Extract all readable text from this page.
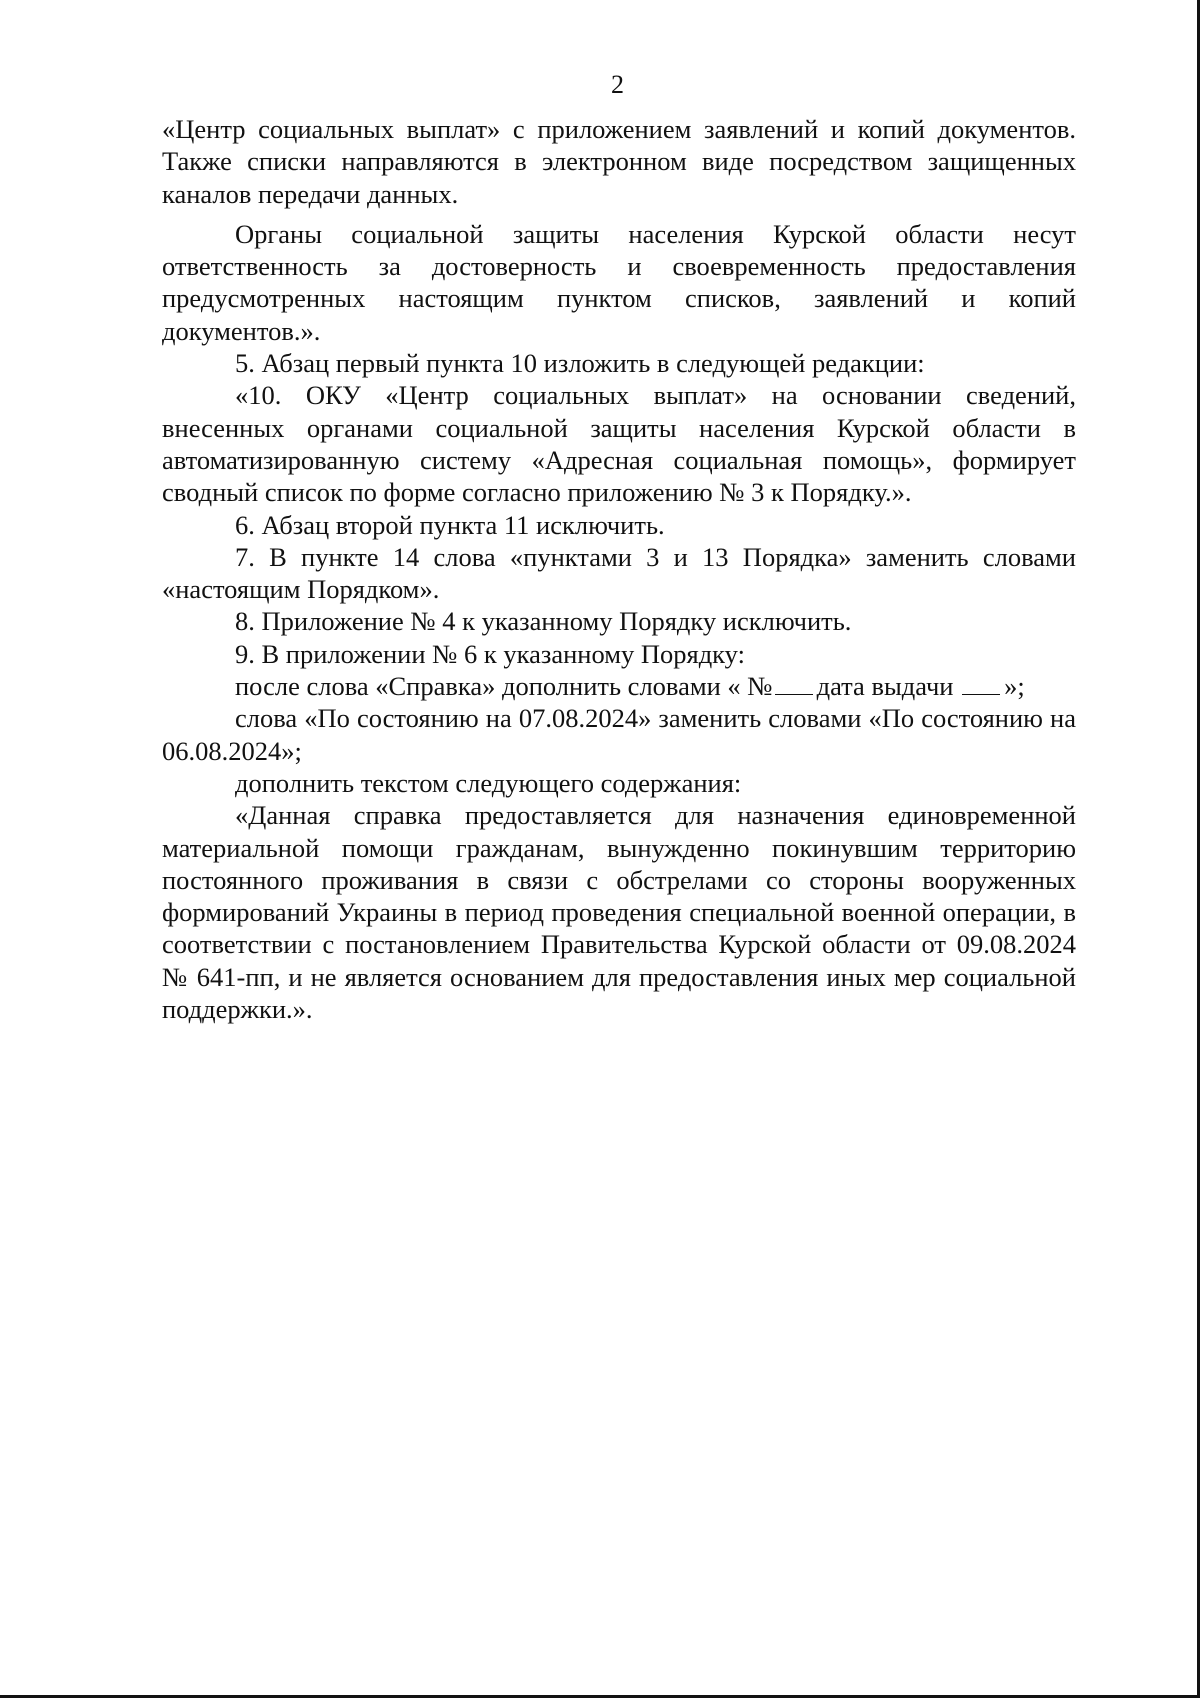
2

«Центр социальных выплат» с приложением заявлений и копий документов. Также списки направляются в электронном виде посредством защищенных каналов передачи данных.

Органы социальной защиты населения Курской области несут ответственность за достоверность и своевременность предоставления предусмотренных настоящим пунктом списков, заявлений и копий документов.».

5. Абзац первый пункта 10 изложить в следующей редакции:

«10. ОКУ «Центр социальных выплат» на основании сведений, внесенных органами социальной защиты населения Курской области в автоматизированную систему «Адресная социальная помощь», формирует сводный список по форме согласно приложению № 3 к Порядку.».

6. Абзац второй пункта 11 исключить.

7. В пункте 14 слова «пунктами 3 и 13 Порядка» заменить словами «настоящим Порядком».

8. Приложение № 4 к указанному Порядку исключить.

9. В приложении № 6 к указанному Порядку:

после слова «Справка» дополнить словами « № дата выдачи »;

слова «По состоянию на 07.08.2024» заменить словами «По состоянию на 06.08.2024»;

дополнить текстом следующего содержания:

«Данная справка предоставляется для назначения единовременной материальной помощи гражданам, вынужденно покинувшим территорию постоянного проживания в связи с обстрелами со стороны вооруженных формирований Украины в период проведения специальной военной операции, в соответствии с постановлением Правительства Курской области от 09.08.2024 № 641-пп, и не является основанием для предоставления иных мер социальной поддержки.».
